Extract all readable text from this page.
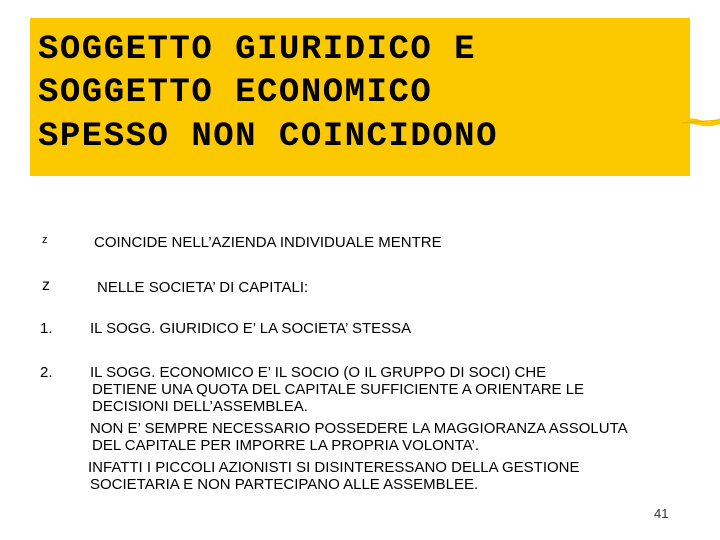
SOGGETTO GIURIDICO E
SOGGETTO ECONOMICO
SPESSO NON COINCIDONO
ᴢ	COINCIDE NELL’AZIENDA INDIVIDUALE MENTRE
ᴢ	NELLE SOCIETA’ DI CAPITALI:
1. IL SOGG. GIURIDICO E’ LA SOCIETA’ STESSA
2. IL SOGG. ECONOMICO E’ IL SOCIO (O IL GRUPPO DI SOCI) CHE
DETIENE UNA QUOTA DEL CAPITALE SUFFICIENTE A ORIENTARE LE
DECISIONI DELL’ASSEMBLEA.
NON E’ SEMPRE NECESSARIO POSSEDERE LA MAGGIORANZA ASSOLUTA
DEL CAPITALE PER IMPORRE LA PROPRIA VOLONTA’.
INFATTI I PICCOLI AZIONISTI SI DISINTERESSANO DELLA GESTIONE
SOCIETARIA E NON PARTECIPANO ALLE ASSEMBLEE.
41
